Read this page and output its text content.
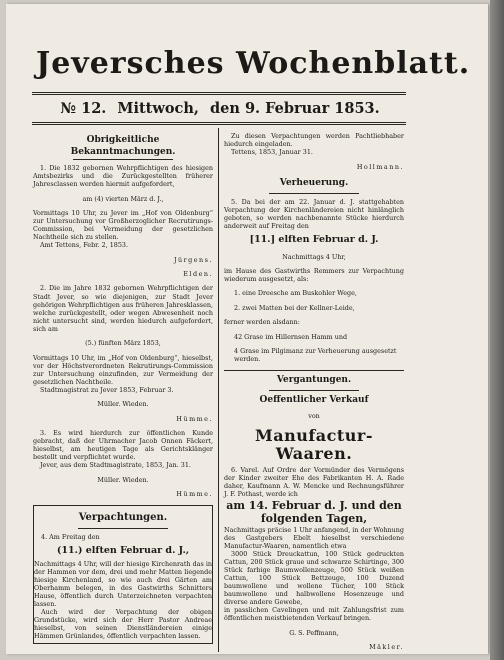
Jeversches Wochenblatt.
№ 12. Mittwoch, den 9. Februar 1853.
Obrigkeitliche Bekanntmachungen.

1. Die 1832 gebornen Wehrpflichtigen des hiesigen Amtsbezirks und die Zurückgestellten früherer Jahresclassen werden hiermit aufgefordert,

am (4) vierten März d. J.,

Vormittags 10 Uhr, zu Jever im „Hof von Oldenburg“ zur Untersuchung vor Großherzoglicher Recrutirungs-Commission, bei Vermeidung der gesetzlichen Nachtheile sich zu stellen.

Amt Tettens, Febr. 2, 1853.

Jürgens.

Elden.

2. Die im Jahre 1832 gebornen Wehrpflichtigen der Stadt Jever, so wie diejenigen, zur Stadt Jever gehörigen Wehrpflichtigen aus früheren Jahresklassen, welche zurückgestellt, oder wegen Abwesenheit noch nicht untersucht sind, werden hiedurch aufgefordert, sich am

(5.) fünften März 1853,

Vormittags 10 Uhr, im „Hof von Oldenburg“, hieselbst, vor der Höchstverordneten Rekrutirungs-Commission zur Untersuchung einzufinden, zur Vermeidung der gesetzlichen Nachtheile.

Stadtmagistrat zu Jever 1853, Februar 3.

Müller. Wieden.

Hümme.

3. Es wird hierdurch zur öffentlichen Kunde gebracht, daß der Uhrmacher Jacob Onnen Fäckert, hieselbst, am heutigen Tage als Gerichtsklänger bestellt und verpflichtet wurde.

Jever, aus dem Stadtmagistrate, 1853, Jan. 31.

Müller. Wieden.

Hümme.

Verpachtungen.

4. Am Freitag den

(11.) elften Februar d. J.,

Nachmittags 4 Uhr, will der hiesige Kirchenrath das in der Hammen vor dem, drei und mehr Matten liegende hiesige Kirchenland, so wie auch drei Gärten am Oberhamm belegen, in des Gastwirths Schnitters Hause, öffentlich durch Unterzeichneten verpachten lassen.

Auch wird der Verpachtung der obigen Grundstücke, wird sich der Herr Pastor Andreae hieselbst, von seinen Dienstländereien einige Hämmen Grünlandes, öffentlich verpachten lassen.

Zu diesen Verpachtungen werden Pachtliebhaber hiedurch eingeladen.

Tettens, 1853, Januar 31.

Hollmann.

Verheuerung.

5. Da bei der am 22. Januar d. J. stattgehabten Verpachtung der Kirchenländereien nicht hinlänglich geboten, so werden nachbenannte Stücke hierdurch anderweit auf Freitag den

[11.] elften Februar d. J.

Nachmittags 4 Uhr,

im Hause des Gastwirths Remmers zur Verpachtung wiederum ausgesetzt, als:

1. eine Dreesche am Buskohler Wege,

2. zwei Matten bei der Kellner-Leide,

ferner werden alsdann:

42 Grase im Hillernsen Hamm und

4 Grase im Pilgimanz zur Verheuerung ausgesetzt werden.

Vergantungen.

Oeffentlicher Verkauf

von

Manufactur-Waaren.

6. Varel. Auf Ordre der Vormünder des Vermögens der Kinder zweiter Ehe des Fabrikanten H. A. Rade daher, Kaufmann A. W. Mencke und Rechnungsführer J. F. Pothast, werde ich

am 14. Februar d. J. und den folgenden Tagen,

Nachmittags präcise 1 Uhr anfangend, in der Wohnung des Gastgebers Ebelt hieselbst verschiedene Manufactur-Waaren, namentlich etwa

3000 Stück Dreuckattun, 100 Stück gedruckten Cattun, 200 Stück graue und schwarze Schirtinge, 300 Stück farbige Baumwollenzeuge, 500 Stück weißen Cattun, 100 Stück Bettzeuge, 100 Duzend baumwollene und wollene Tücher, 100 Stück baumwollene und halbwollene Hosenzeuge und diverse andere Gewebe,

in passlichen Cavelingen und mit Zahlungsfrist zum öffentlichen meistbietenden Verkauf bringen.

G. S. Peffmann,

Mäkler.
